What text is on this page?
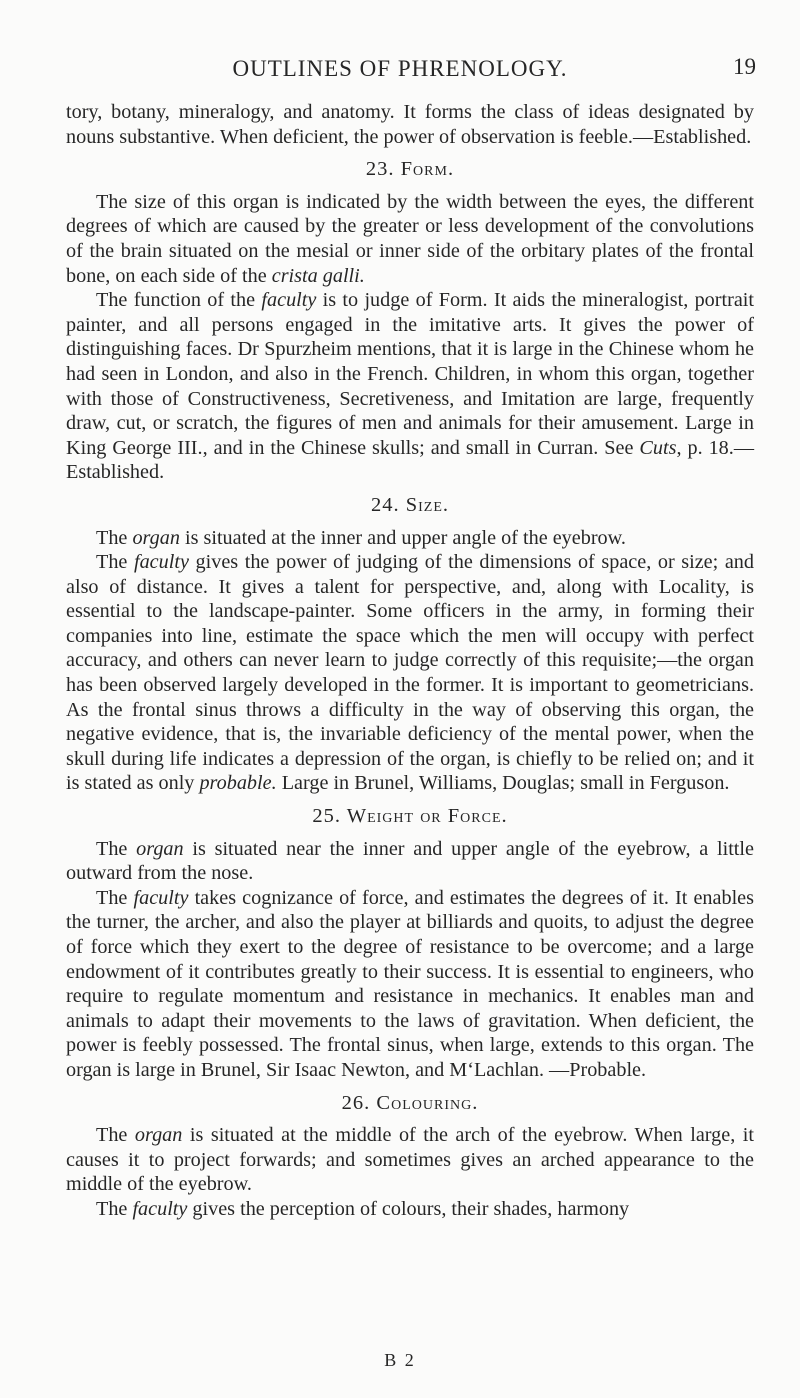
OUTLINES OF PHRENOLOGY.	19

tory, botany, mineralogy, and anatomy. It forms the class of ideas designated by nouns substantive. When deficient, the power of observation is feeble.—Established.

23. Form.

The size of this organ is indicated by the width between the eyes, the different degrees of which are caused by the greater or less development of the convolutions of the brain situated on the mesial or inner side of the orbitary plates of the frontal bone, on each side of the crista galli.

The function of the faculty is to judge of Form. It aids the mineralogist, portrait painter, and all persons engaged in the imitative arts. It gives the power of distinguishing faces. Dr Spurzheim mentions, that it is large in the Chinese whom he had seen in London, and also in the French. Children, in whom this organ, together with those of Constructiveness, Secretiveness, and Imitation are large, frequently draw, cut, or scratch, the figures of men and animals for their amusement. Large in King George III., and in the Chinese skulls; and small in Curran. See Cuts, p. 18.—Established.

24. Size.

The organ is situated at the inner and upper angle of the eyebrow.

The faculty gives the power of judging of the dimensions of space, or size; and also of distance. It gives a talent for perspective, and, along with Locality, is essential to the landscape-painter. Some officers in the army, in forming their companies into line, estimate the space which the men will occupy with perfect accuracy, and others can never learn to judge correctly of this requisite;—the organ has been observed largely developed in the former. It is important to geometricians. As the frontal sinus throws a difficulty in the way of observing this organ, the negative evidence, that is, the invariable deficiency of the mental power, when the skull during life indicates a depression of the organ, is chiefly to be relied on; and it is stated as only probable. Large in Brunel, Williams, Douglas; small in Ferguson.

25. Weight or Force.

The organ is situated near the inner and upper angle of the eyebrow, a little outward from the nose.

The faculty takes cognizance of force, and estimates the degrees of it. It enables the turner, the archer, and also the player at billiards and quoits, to adjust the degree of force which they exert to the degree of resistance to be overcome; and a large endowment of it contributes greatly to their success. It is essential to engineers, who require to regulate momentum and resistance in mechanics. It enables man and animals to adapt their movements to the laws of gravitation. When deficient, the power is feebly possessed. The frontal sinus, when large, extends to this organ. The organ is large in Brunel, Sir Isaac Newton, and M‘Lachlan. —Probable.

26. Colouring.

The organ is situated at the middle of the arch of the eyebrow. When large, it causes it to project forwards; and sometimes gives an arched appearance to the middle of the eyebrow.

The faculty gives the perception of colours, their shades, harmony

B 2
